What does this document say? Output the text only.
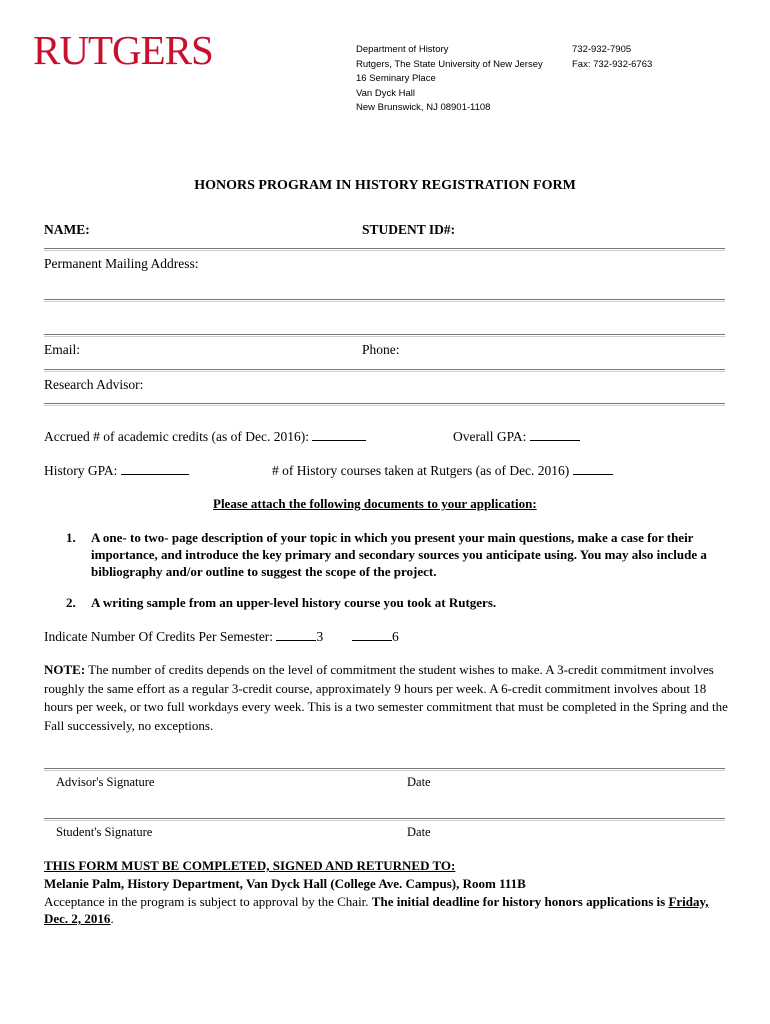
RUTGERS	Department of History
Rutgers, The State University of New Jersey
16 Seminary Place
Van Dyck Hall
New Brunswick, NJ 08901-1108
732-932-7905
Fax: 732-932-6763
HONORS PROGRAM IN HISTORY REGISTRATION FORM
NAME:	STUDENT ID#:
Permanent Mailing Address:
Email:	Phone:
Research Advisor:
Accrued # of academic credits (as of Dec. 2016):	Overall GPA:
History GPA:	# of History courses taken at Rutgers (as of Dec. 2016)
Please attach the following documents to your application:
1. A one- to two- page description of your topic in which you present your main questions, make a case for their importance, and introduce the key primary and secondary sources you anticipate using. You may also include a bibliography and/or outline to suggest the scope of the project.
2. A writing sample from an upper-level history course you took at Rutgers.
Indicate Number Of Credits Per Semester:	3	6
NOTE: The number of credits depends on the level of commitment the student wishes to make. A 3-credit commitment involves roughly the same effort as a regular 3-credit course, approximately 9 hours per week. A 6-credit commitment involves about 18 hours per week, or two full workdays every week. This is a two semester commitment that must be completed in the Spring and the Fall successively, no exceptions.
Advisor's Signature	Date
Student's Signature	Date
THIS FORM MUST BE COMPLETED, SIGNED AND RETURNED TO:
Melanie Palm, History Department, Van Dyck Hall (College Ave. Campus), Room 111B
Acceptance in the program is subject to approval by the Chair. The initial deadline for history honors applications is Friday, Dec. 2, 2016.
